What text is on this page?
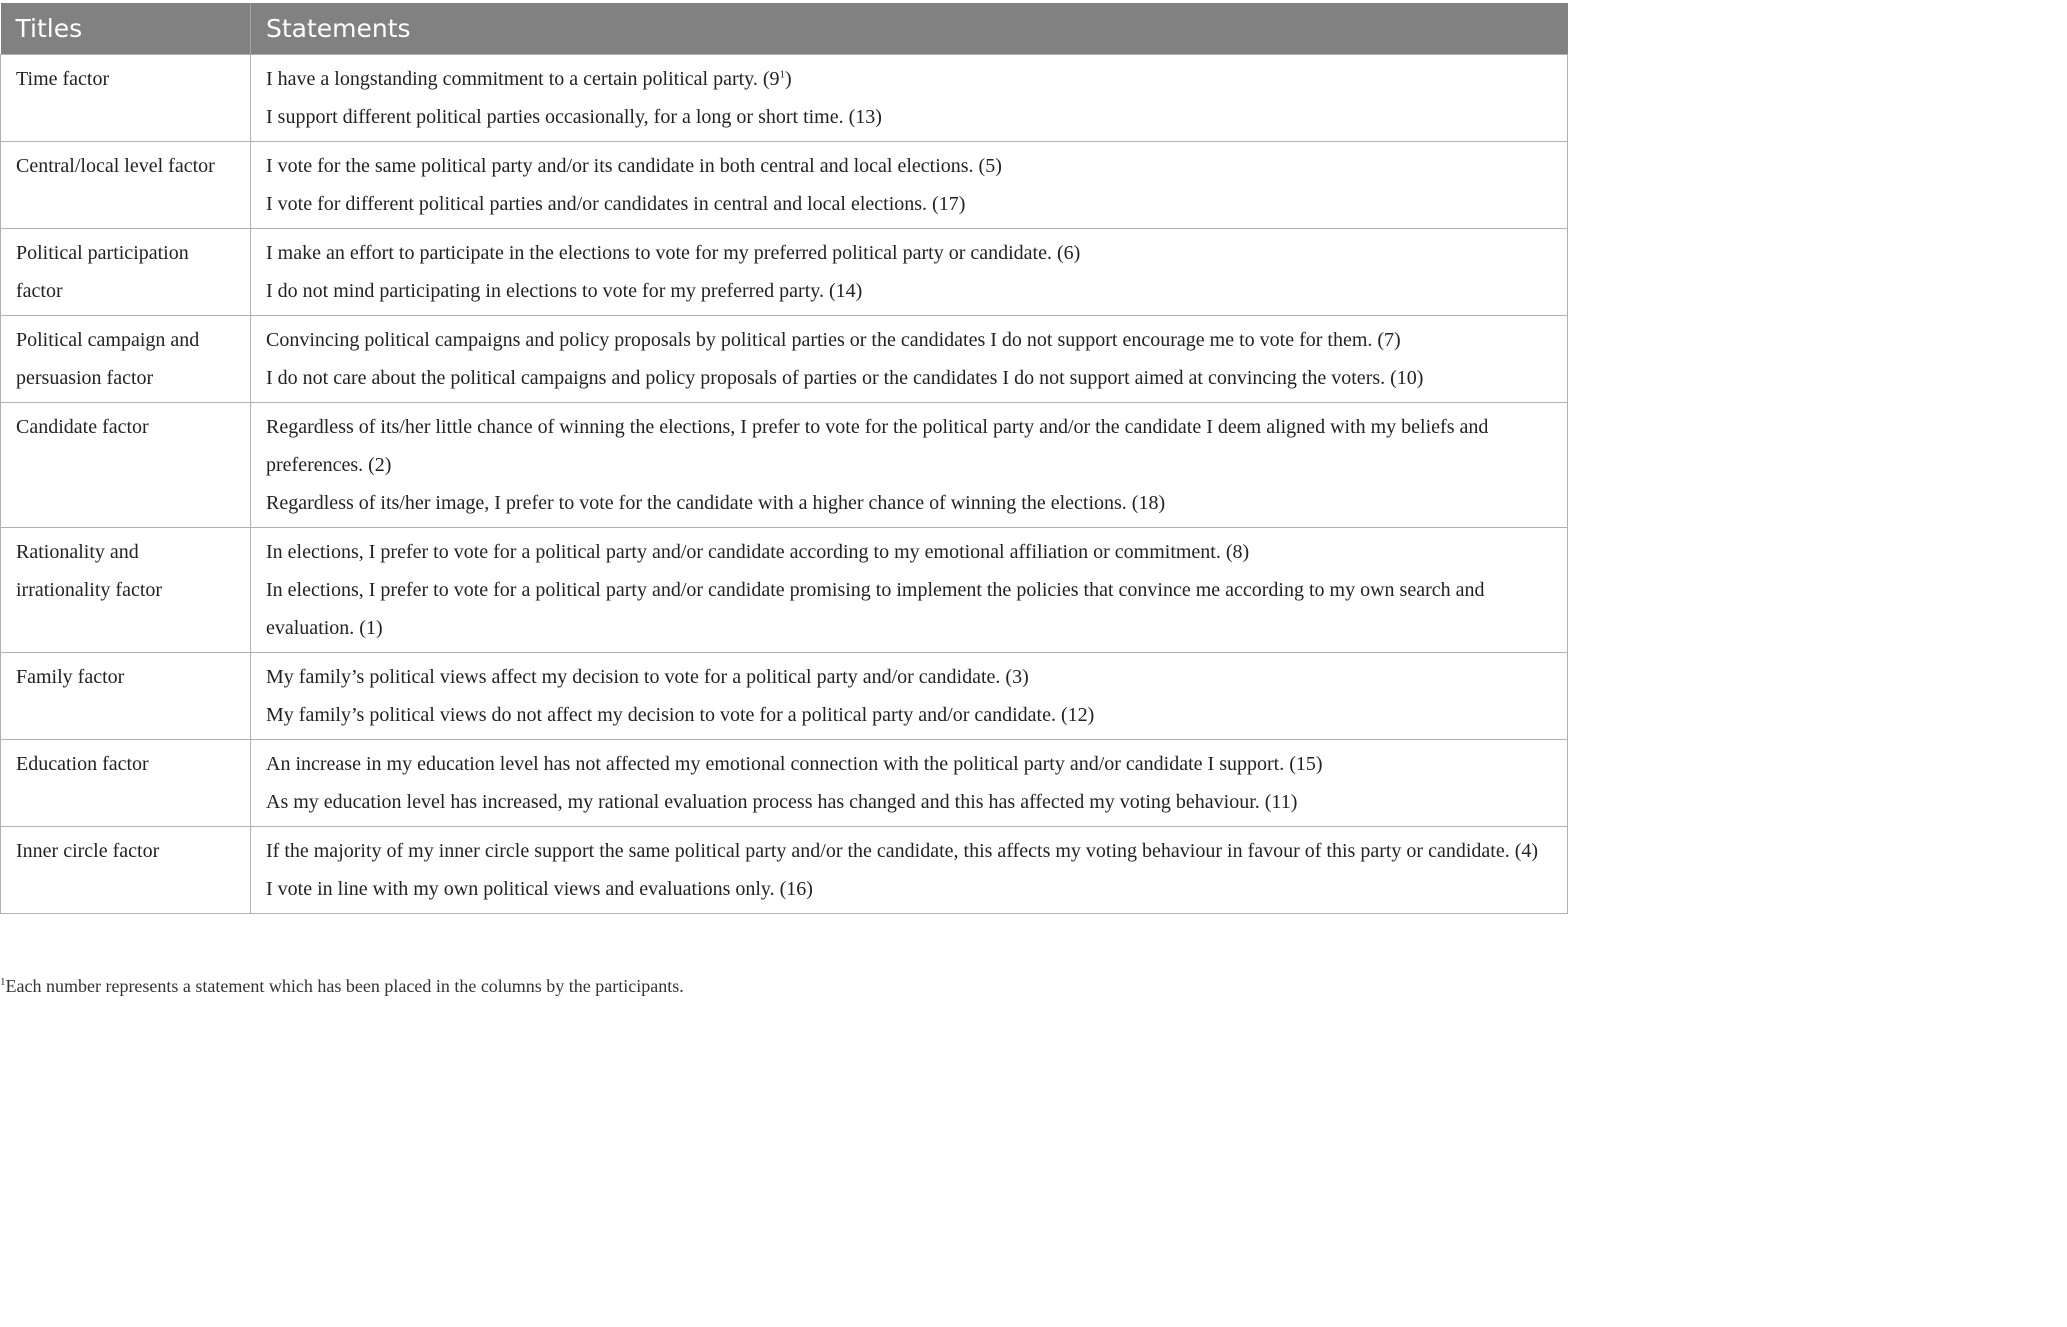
Titles	Statements
Time factor	I have a longstanding commitment to a certain political party. $(9^1)$
I support different political parties occasionally, for a long or short time. (13)

Central/local level factor	I vote for the same political party and/or its candidate in both central and local elections. (5)
I vote for different political parties and/or candidates in central and local elections. (17)

Political participation factor	I make an effort to participate in the elections to vote for my preferred political party or candidate. (6)
I do not mind participating in elections to vote for my preferred party. (14)

Political campaign and persuasion factor	Convincing political campaigns and policy proposals by political parties or the candidates I do not support encourage me to vote for them. (7)
I do not care about the political campaigns and policy proposals of parties or the candidates I do not support aimed at convincing the voters. (10)

Candidate factor	Regardless of its/her little chance of winning the elections, I prefer to vote for the political party and/or the candidate I deem aligned with my beliefs and preferences. (2)
Regardless of its/her image, I prefer to vote for the candidate with a higher chance of winning the elections. (18)

Rationality and irrationality factor	In elections, I prefer to vote for a political party and/or candidate according to my emotional affiliation or commitment. (8)
In elections, I prefer to vote for a political party and/or candidate promising to implement the policies that convince me according to my own search and evaluation. (1)

Family factor	My family’s political views affect my decision to vote for a political party and/or candidate. (3)
My family’s political views do not affect my decision to vote for a political party and/or candidate. (12)

Education factor	An increase in my education level has not affected my emotional connection with the political party and/or candidate I support. (15)
As my education level has increased, my rational evaluation process has changed and this has affected my voting behaviour. (11)

Inner circle factor	If the majority of my inner circle support the same political party and/or the candidate, this affects my voting behaviour in favour of this party or candidate. (4)
I vote in line with my own political views and evaluations only. (16)
$^1$Each number represents a statement which has been placed in the columns by the participants.
